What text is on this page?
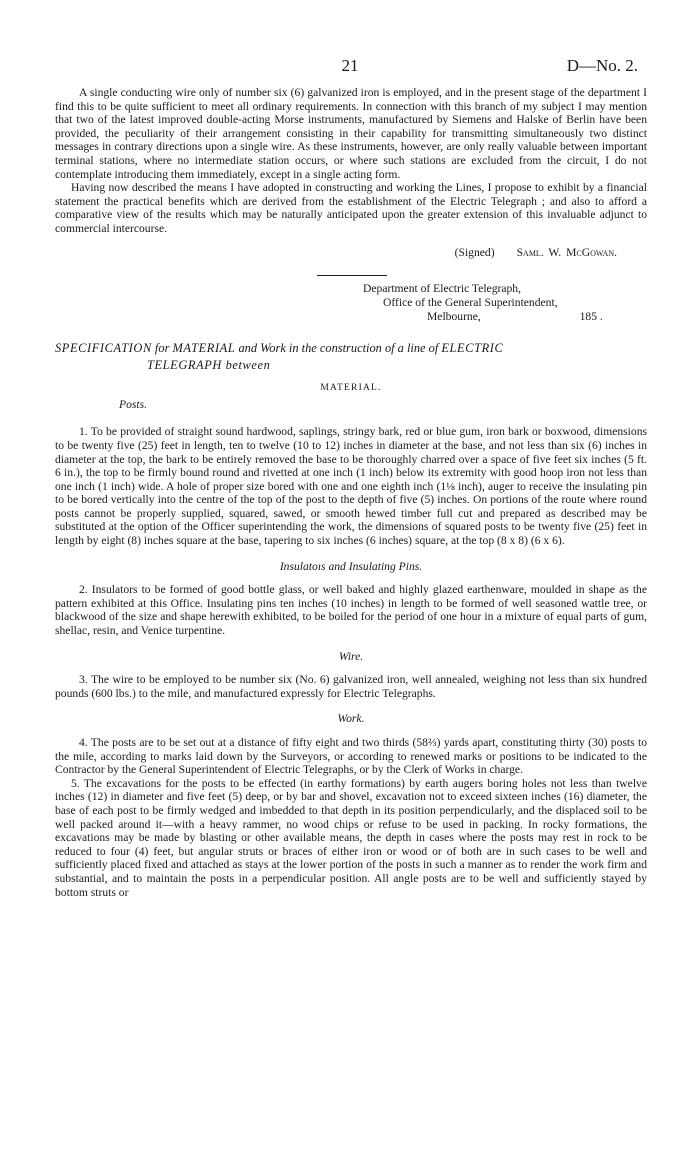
21	D—No. 2.

A single conducting wire only of number six (6) galvanized iron is employed, and in the present stage of the department I find this to be quite sufficient to meet all ordinary requirements. In connection with this branch of my subject I may mention that two of the latest improved double-acting Morse instruments, manufactured by Siemens and Halske of Berlin have been provided, the peculiarity of their arrangement consisting in their capability for transmitting simultaneously two distinct messages in contrary directions upon a single wire. As these instruments, however, are only really valuable between important terminal stations, where no intermediate station occurs, or where such stations are excluded from the circuit, I do not contemplate introducing them immediately, except in a single acting form.

Having now described the means I have adopted in constructing and working the Lines, I propose to exhibit by a financial statement the practical benefits which are derived from the establishment of the Electric Telegraph ; and also to afford a comparative view of the results which may be naturally anticipated upon the greater extension of this invaluable adjunct to commercial intercourse.

(Signed) Saml. W. McGowan.
Department of Electric Telegraph,
Office of the General Superintendent,
Melbourne,	185 .
SPECIFICATION for MATERIAL and Work in the construction of a line of ELECTRIC
TELEGRAPH between
MATERIAL.
Posts.

1. To be provided of straight sound hardwood, saplings, stringy bark, red or blue gum, iron bark or boxwood, dimensions to be twenty five (25) feet in length, ten to twelve (10 to 12) inches in diameter at the base, and not less than six (6) inches in diameter at the top, the bark to be entirely removed the base to be thoroughly charred over a space of five feet six inches (5 ft. 6 in.), the top to be firmly bound round and rivetted at one inch (1 inch) below its extremity with good hoop iron not less than one inch (1 inch) wide. A hole of proper size bored with one and one eighth inch (1⅛ inch), auger to receive the insulating pin to be bored vertically into the centre of the top of the post to the depth of five (5) inches. On portions of the route where round posts cannot be properly supplied, squared, sawed, or smooth hewed timber full cut and prepared as described may be substituted at the option of the Officer superintending the work, the dimensions of squared posts to be twenty five (25) feet in length by eight (8) inches square at the base, tapering to six inches (6 inches) square, at the top (8 x 8) (6 x 6).

Insulatoıs and Insulating Pins.

2. Insulators to be formed of good bottle glass, or well baked and highly glazed earthenware, moulded in shape as the pattern exhibited at this Office. Insulating pins ten inches (10 inches) in length to be formed of well seasoned wattle tree, or blackwood of the size and shape herewith exhibited, to be boiled for the period of one hour in a mixture of equal parts of gum, shellac, resin, and Venice turpentine.

Wire.

3. The wire to be employed to be number six (No. 6) galvanized iron, well annealed, weighing not less than six hundred pounds (600 lbs.) to the mile, and manufactured expressly for Electric Telegraphs.

Work.

4. The posts are to be set out at a distance of fifty eight and two thirds (58⅔) yards apart, constituting thirty (30) posts to the mile, according to marks laid down by the Surveyors, or according to renewed marks or positions to be indicated to the Contractor by the General Superintendent of Electric Telegraphs, or by the Clerk of Works in charge.

5. The excavations for the posts to be effected (in earthy formations) by earth augers boring holes not less than twelve inches (12) in diameter and five feet (5) deep, or by bar and shovel, excavation not to exceed sixteen inches (16) diameter, the base of each post to be firmly wedged and imbedded to that depth in its position perpendicularly, and the displaced soil to be well packed around it—with a heavy rammer, no wood chips or refuse to be used in packing. In rocky formations, the excavations may be made by blasting or other available means, the depth in cases where the posts may rest in rock to be reduced to four (4) feet, but angular struts or braces of either iron or wood or of both are in such cases to be well and sufficiently placed fixed and attached as stays at the lower portion of the posts in such a manner as to render the work firm and substantial, and to maintain the posts in a perpendicular position. All angle posts are to be well and sufficiently stayed by bottom struts or
